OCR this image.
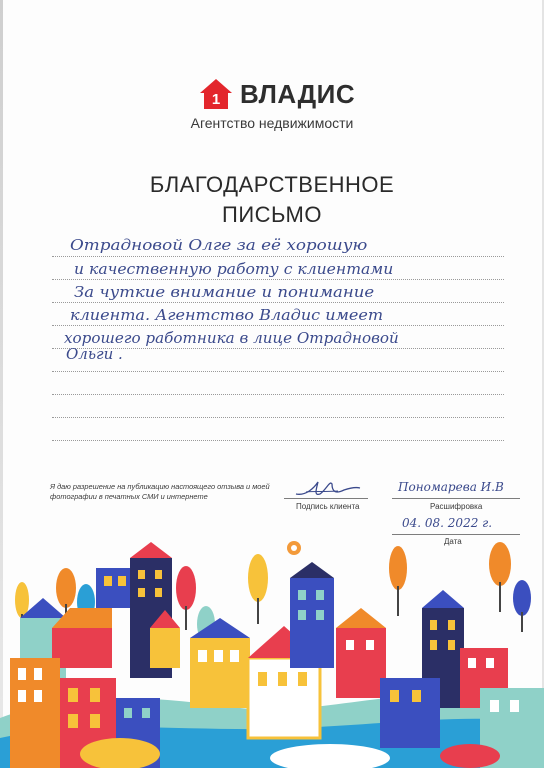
1 ВЛАДИС
Агентство недвижимости
БЛАГОДАРСТВЕННОЕ
ПИСЬМО
Отрадновой Олге за её хорошую
и качественную работу с клиентами
За чуткие внимание и понимание
клиента. Агентство Владис имеет
хорошего работника в лице Отрадновой
Ольги .
Я даю разрешение на публикацию настоящего отзыва и моей фотографии в печатных СМИ и интернете
Подпись клиента
Пономарева И.В
Расшифровка
04. 08. 2022 г.
Дата
